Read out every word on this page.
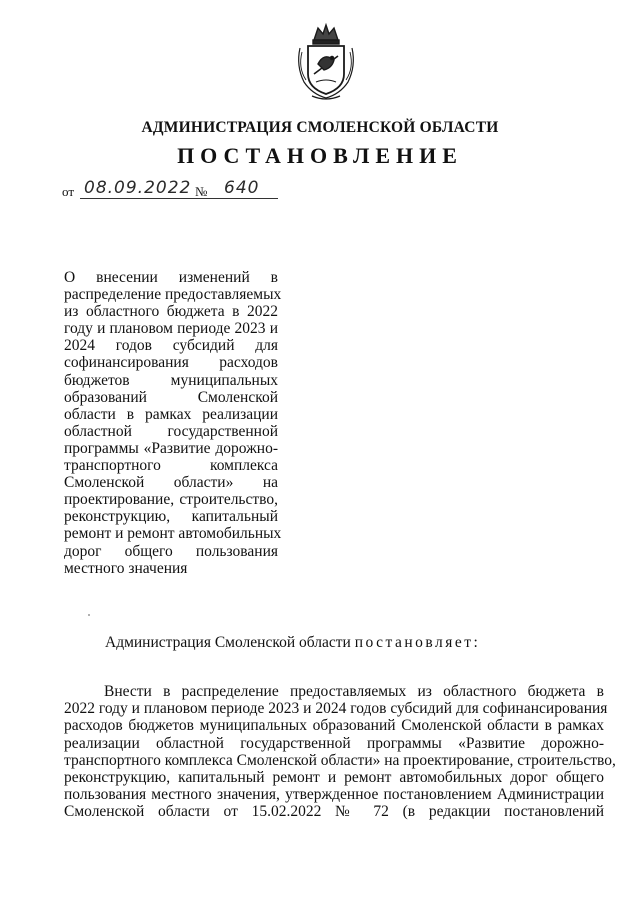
АДМИНИСТРАЦИЯ СМОЛЕНСКОЙ ОБЛАСТИ
ПОСТАНОВЛЕНИЕ
от 08.09.2022 № 640
О внесении изменений в
распределение предоставляемых
из областного бюджета в 2022
году и плановом периоде 2023 и
2024 годов субсидий для
софинансирования расходов
бюджетов муниципальных
образований Смоленской
области в рамках реализации
областной государственной
программы «Развитие дорожно-
транспортного комплекса
Смоленской области» на
проектирование, строительство,
реконструкцию, капитальный
ремонт и ремонт автомобильных
дорог общего пользования
местного значения
Администрация Смоленской области постановляет:
Внести в распределение предоставляемых из областного бюджета в
2022 году и плановом периоде 2023 и 2024 годов субсидий для софинансирования
расходов бюджетов муниципальных образований Смоленской области в рамках
реализации областной государственной программы «Развитие дорожно-
транспортного комплекса Смоленской области» на проектирование, строительство,
реконструкцию, капитальный ремонт и ремонт автомобильных дорог общего
пользования местного значения, утвержденное постановлением Администрации
Смоленской области от 15.02.2022 № 72 (в редакции постановлений
